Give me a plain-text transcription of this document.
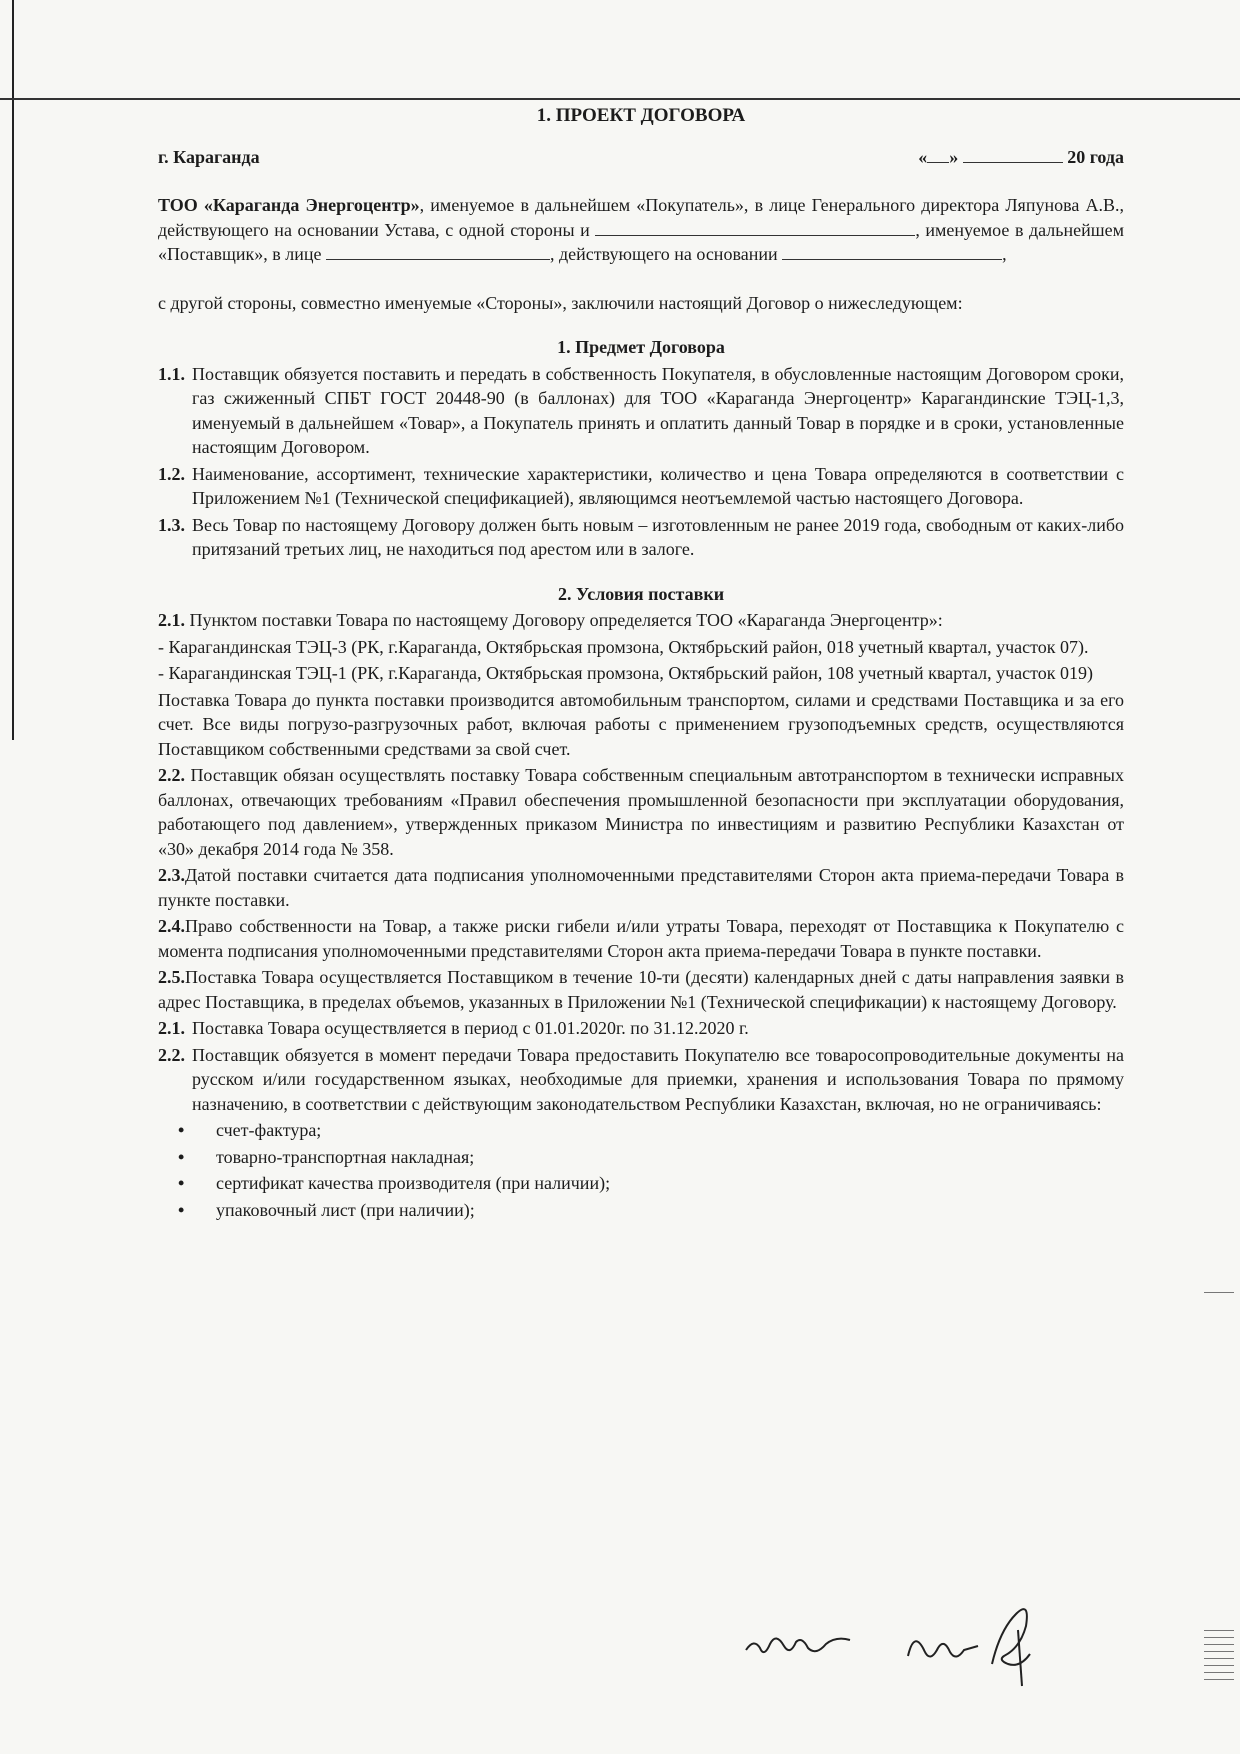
1. ПРОЕКТ ДОГОВОРА
г. Караганда	« »	20 года

ТОО «Караганда Энергоцентр», именуемое в дальнейшем «Покупатель», в лице Генерального директора Ляпунова А.В., действующего на основании Устава, с одной стороны и	, именуемое в дальнейшем «Поставщик», в лице	, действующего на основании	,

с другой стороны, совместно именуемые «Стороны», заключили настоящий Договор о нижеследующем:

1. Предмет Договора
1.1. Поставщик обязуется поставить и передать в собственность Покупателя, в обусловленные настоящим Договором сроки, газ сжиженный СПБТ ГОСТ 20448-90 (в баллонах) для ТОО «Караганда Энергоцентр» Карагандинские ТЭЦ-1,3, именуемый в дальнейшем «Товар», а Покупатель принять и оплатить данный Товар в порядке и в сроки, установленные настоящим Договором.
1.2. Наименование, ассортимент, технические характеристики, количество и цена Товара определяются в соответствии с Приложением №1 (Технической спецификацией), являющимся неотъемлемой частью настоящего Договора.
1.3. Весь Товар по настоящему Договору должен быть новым – изготовленным не ранее 2019 года, свободным от каких-либо притязаний третьих лиц, не находиться под арестом или в залоге.
2. Условия поставки

2.1. Пунктом поставки Товара по настоящему Договору определяется ТОО «Караганда Энергоцентр»:

- Карагандинская ТЭЦ-3 (РК, г.Караганда, Октябрьская промзона, Октябрьский район, 018 учетный квартал, участок 07).

- Карагандинская ТЭЦ-1 (РК, г.Караганда, Октябрьская промзона, Октябрьский район, 108 учетный квартал, участок 019)

Поставка Товара до пункта поставки производится автомобильным транспортом, силами и средствами Поставщика и за его счет. Все виды погрузо-разгрузочных работ, включая работы с применением грузоподъемных средств, осуществляются Поставщиком собственными средствами за свой счет.

2.2. Поставщик обязан осуществлять поставку Товара собственным специальным автотранспортом в технически исправных баллонах, отвечающих требованиям «Правил обеспечения промышленной безопасности при эксплуатации оборудования, работающего под давлением», утвержденных приказом Министра по инвестициям и развитию Республики Казахстан от «30» декабря 2014 года № 358.

2.3.Датой поставки считается дата подписания уполномоченными представителями Сторон акта приема-передачи Товара в пункте поставки.

2.4.Право собственности на Товар, а также риски гибели и/или утраты Товара, переходят от Поставщика к Покупателю с момента подписания уполномоченными представителями Сторон акта приема-передачи Товара в пункте поставки.

2.5.Поставка Товара осуществляется Поставщиком в течение 10-ти (десяти) календарных дней с даты направления заявки в адрес Поставщика, в пределах объемов, указанных в Приложении №1 (Технической спецификации) к настоящему Договору.

2.1. Поставка Товара осуществляется в период с 01.01.2020г. по 31.12.2020 г.
2.2. Поставщик обязуется в момент передачи Товара предоставить Покупателю все товаросопроводительные документы на русском и/или государственном языках, необходимые для приемки, хранения и использования Товара по прямому назначению, в соответствии с действующим законодательством Республики Казахстан, включая, но не ограничиваясь:
• счет-фактура;
• товарно-транспортная накладная;
• сертификат качества производителя (при наличии);
• упаковочный лист (при наличии);
